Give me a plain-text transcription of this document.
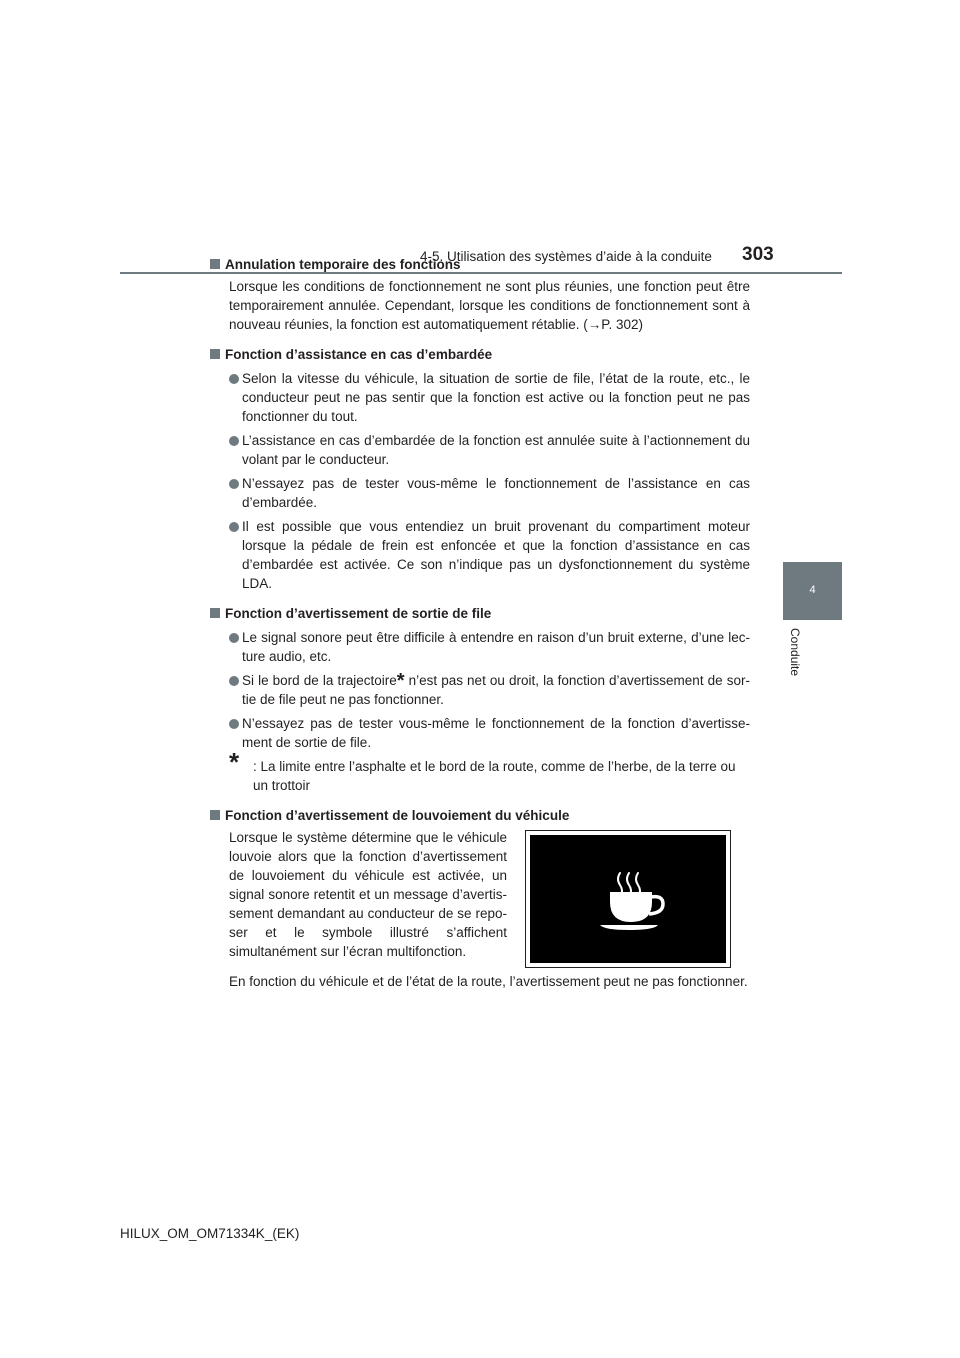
4-5. Utilisation des systèmes d’aide à la conduite 303
4
Conduite

Annulation temporaire des fonctions

Lorsque les conditions de fonctionnement ne sont plus réunies, une fonction peut être temporairement annulée. Cependant, lorsque les conditions de fonctionnement sont à nouveau réunies, la fonction est automatiquement rétablie. (→P. 302)

Fonction d’assistance en cas d’embardée

Selon la vitesse du véhicule, la situation de sortie de file, l’état de la route, etc., le conducteur peut ne pas sentir que la fonction est active ou la fonction peut ne pas fonctionner du tout.

L’assistance en cas d’embardée de la fonction est annulée suite à l’actionnement du volant par le conducteur.

N’essayez pas de tester vous-même le fonctionnement de l’assistance en cas d’embardée.

Il est possible que vous entendiez un bruit provenant du compartiment moteur lorsque la pédale de frein est enfoncée et que la fonction d’assistance en cas d’embardée est activée. Ce son n’indique pas un dysfonctionnement du système LDA.

Fonction d’avertissement de sortie de file

Le signal sonore peut être difficile à entendre en raison d’un bruit externe, d’une lec-ture audio, etc.

Si le bord de la trajectoire* n’est pas net ou droit, la fonction d’avertissement de sor-tie de file peut ne pas fonctionner.

N’essayez pas de tester vous-même le fonctionnement de la fonction d’avertisse-ment de sortie de file.

* : La limite entre l’asphalte et le bord de la route, comme de l’herbe, de la terre ou un trottoir

Fonction d’avertissement de louvoiement du véhicule

Lorsque le système détermine que le véhicule louvoie alors que la fonction d’avertissement de louvoiement du véhicule est activée, un signal sonore retentit et un message d’avertis-sement demandant au conducteur de se repo-ser et le symbole illustré s’affichent simultanément sur l’écran multifonction.

En fonction du véhicule et de l’état de la route, l’avertissement peut ne pas fonctionner.

HILUX_OM_OM71334K_(EK)
